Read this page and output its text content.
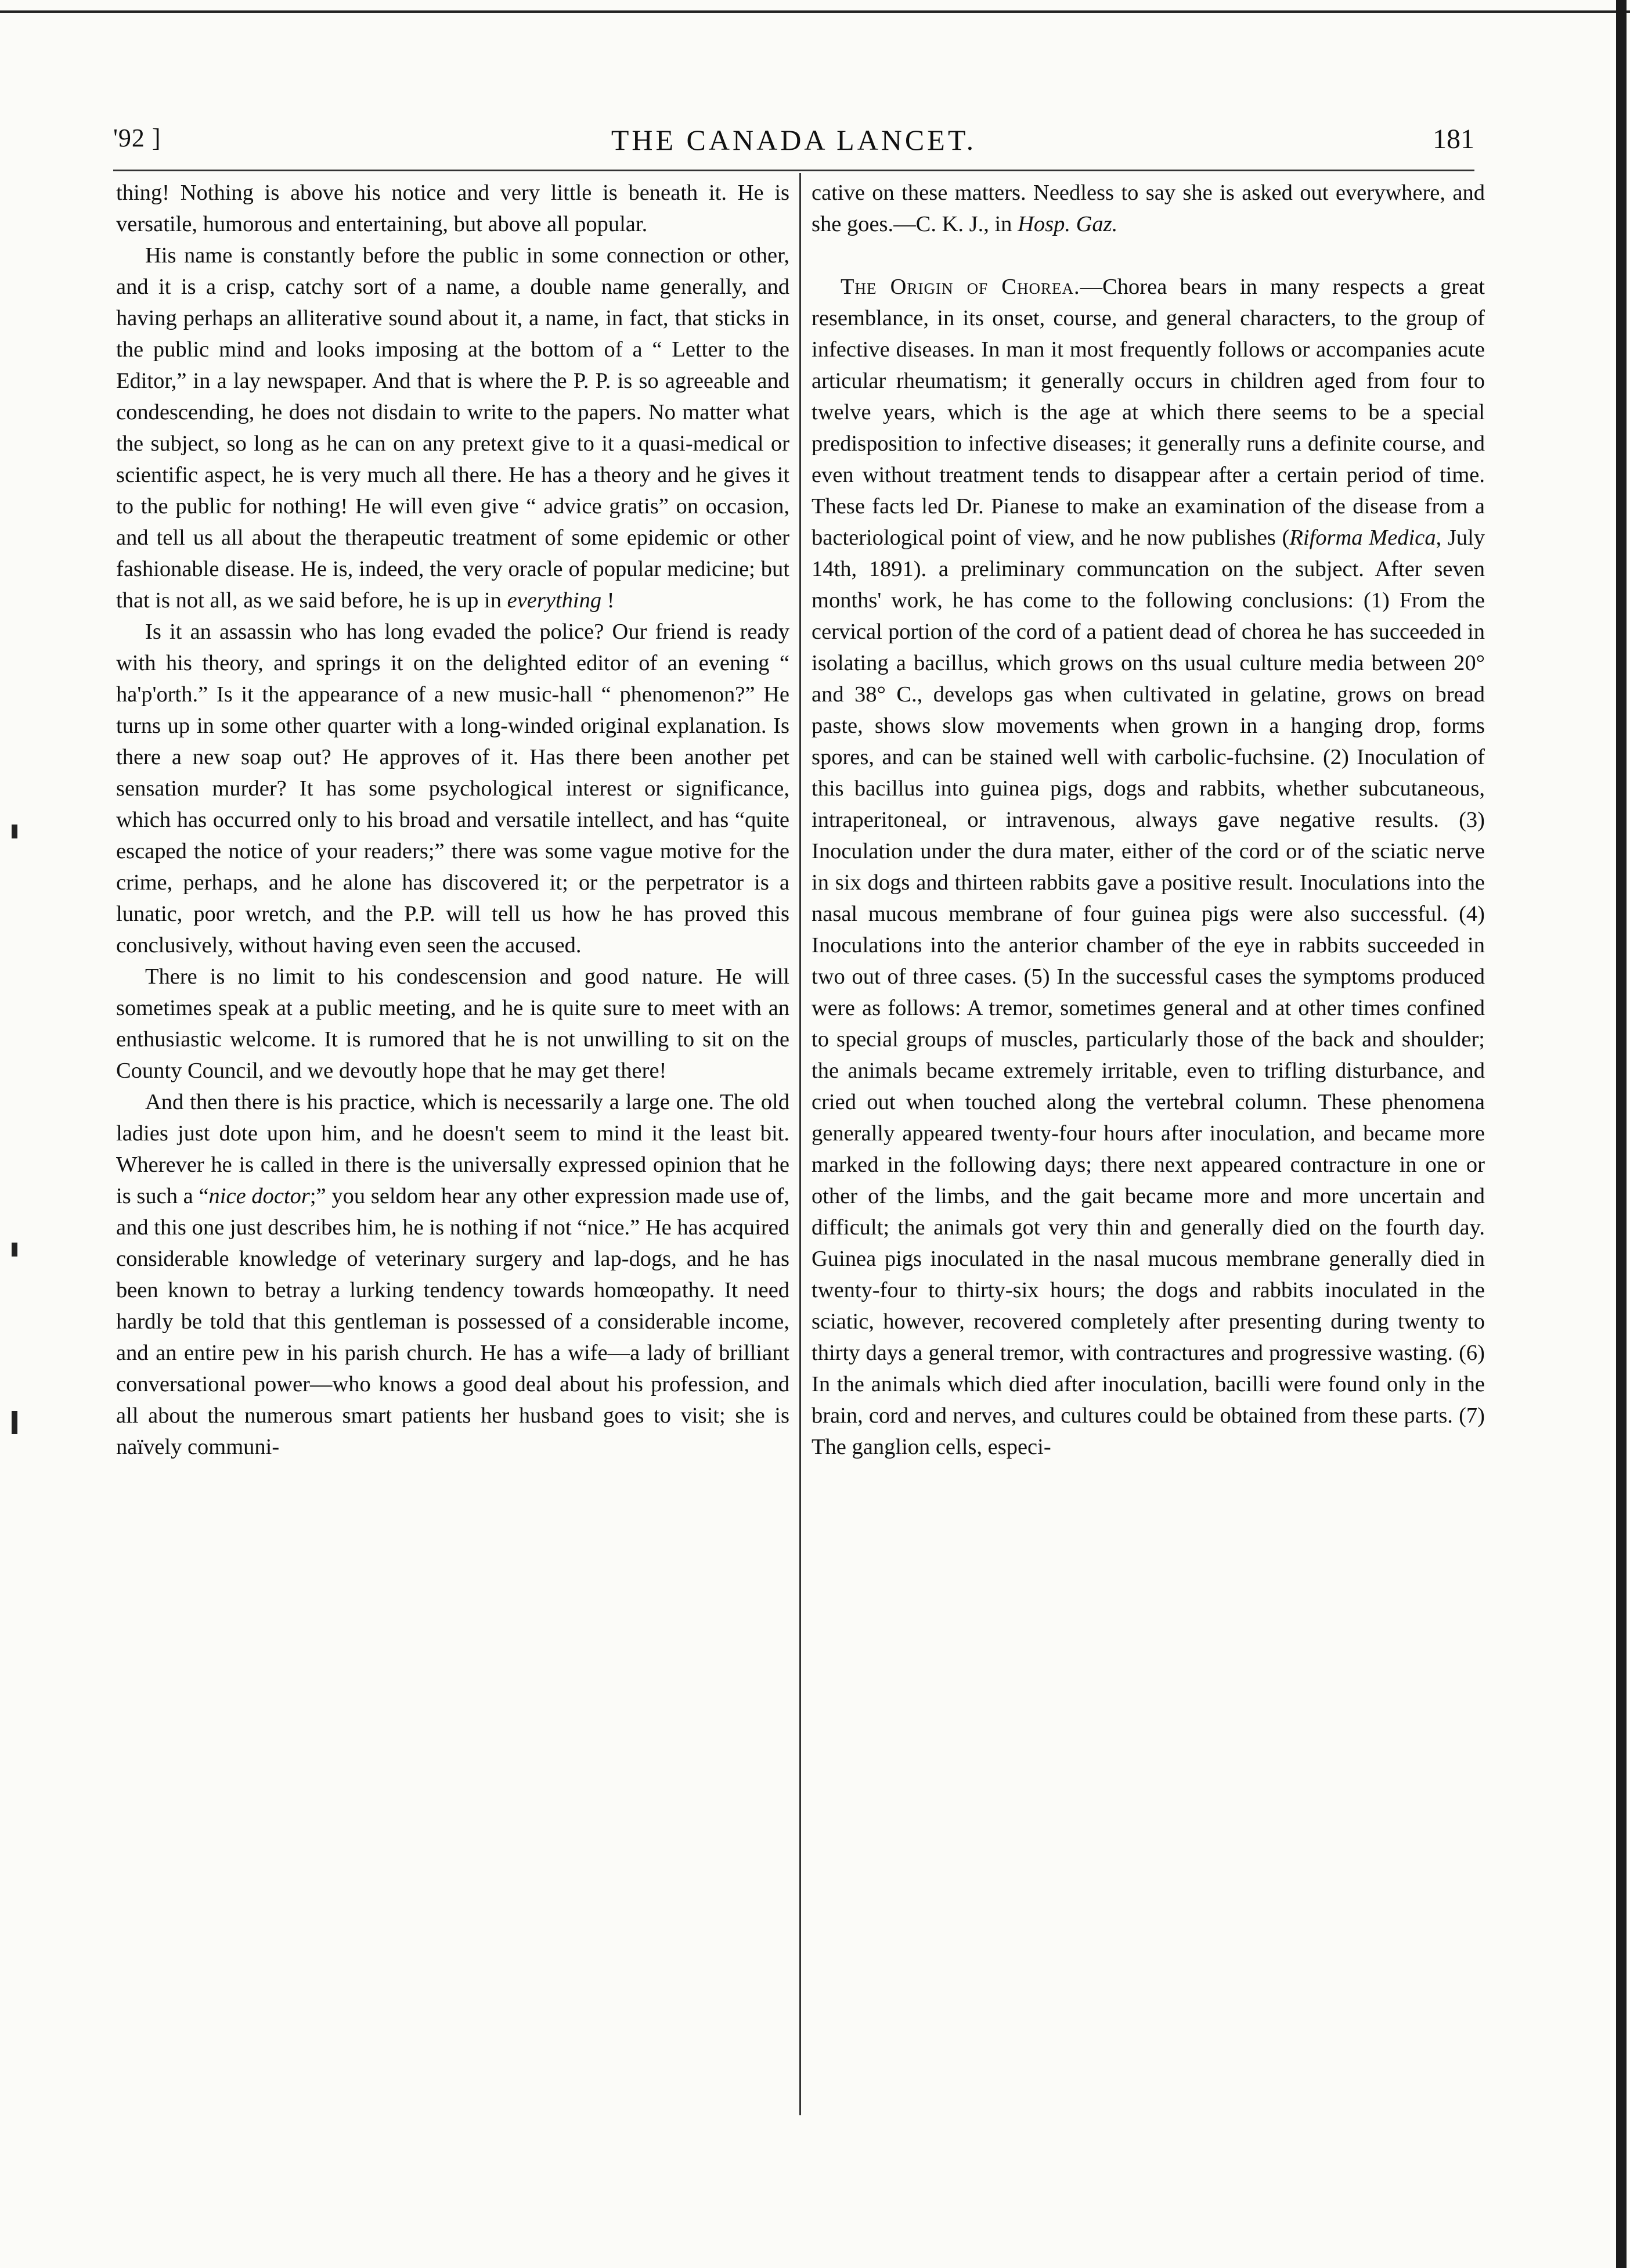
'92 ]	THE CANADA LANCET.	181

thing! Nothing is above his notice and very little is beneath it. He is versatile, humorous and entertaining, but above all popular.

His name is constantly before the public in some connection or other, and it is a crisp, catchy sort of a name, a double name generally, and having perhaps an alliterative sound about it, a name, in fact, that sticks in the public mind and looks imposing at the bottom of a “ Letter to the Editor,” in a lay newspaper. And that is where the P. P. is so agreeable and condescending, he does not disdain to write to the papers. No matter what the subject, so long as he can on any pretext give to it a quasi-medical or scientific aspect, he is very much all there. He has a theory and he gives it to the public for nothing! He will even give “ advice gratis” on occasion, and tell us all about the therapeutic treatment of some epidemic or other fashionable disease. He is, indeed, the very oracle of popular medicine; but that is not all, as we said before, he is up in everything !

Is it an assassin who has long evaded the police? Our friend is ready with his theory, and springs it on the delighted editor of an evening “ ha'p'orth.” Is it the appearance of a new music-hall “ phenomenon?” He turns up in some other quarter with a long-winded original explanation. Is there a new soap out? He approves of it. Has there been another pet sensation murder? It has some psychological interest or significance, which has occurred only to his broad and versatile intellect, and has “quite escaped the notice of your readers;” there was some vague motive for the crime, perhaps, and he alone has discovered it; or the perpetrator is a lunatic, poor wretch, and the P.P. will tell us how he has proved this conclusively, without having even seen the accused.

There is no limit to his condescension and good nature. He will sometimes speak at a public meeting, and he is quite sure to meet with an enthusiastic welcome. It is rumored that he is not unwilling to sit on the County Council, and we devoutly hope that he may get there!

And then there is his practice, which is necessarily a large one. The old ladies just dote upon him, and he doesn't seem to mind it the least bit. Wherever he is called in there is the universally expressed opinion that he is such a “nice doctor;” you seldom hear any other expression made use of, and this one just describes him, he is nothing if not “nice.” He has acquired considerable knowledge of veterinary surgery and lap-dogs, and he has been known to betray a lurking tendency towards homœopathy. It need hardly be told that this gentleman is possessed of a considerable income, and an entire pew in his parish church. He has a wife—a lady of brilliant conversational power—who knows a good deal about his profession, and all about the numerous smart patients her husband goes to visit; she is naïvely communi-

cative on these matters. Needless to say she is asked out everywhere, and she goes.—C. K. J., in Hosp. Gaz.

The Origin of Chorea.—Chorea bears in many respects a great resemblance, in its onset, course, and general characters, to the group of infective diseases. In man it most frequently follows or accompanies acute articular rheumatism; it generally occurs in children aged from four to twelve years, which is the age at which there seems to be a special predisposition to infective diseases; it generally runs a definite course, and even without treatment tends to disappear after a certain period of time. These facts led Dr. Pianese to make an examination of the disease from a bacteriological point of view, and he now publishes (Riforma Medica, July 14th, 1891). a preliminary communcation on the subject. After seven months' work, he has come to the following conclusions: (1) From the cervical portion of the cord of a patient dead of chorea he has succeeded in isolating a bacillus, which grows on ths usual culture media between 20° and 38° C., develops gas when cultivated in gelatine, grows on bread paste, shows slow movements when grown in a hanging drop, forms spores, and can be stained well with carbolic-fuchsine. (2) Inoculation of this bacillus into guinea pigs, dogs and rabbits, whether subcutaneous, intraperitoneal, or intravenous, always gave negative results. (3) Inoculation under the dura mater, either of the cord or of the sciatic nerve in six dogs and thirteen rabbits gave a positive result. Inoculations into the nasal mucous membrane of four guinea pigs were also successful. (4) Inoculations into the anterior chamber of the eye in rabbits succeeded in two out of three cases. (5) In the successful cases the symptoms produced were as follows: A tremor, sometimes general and at other times confined to special groups of muscles, particularly those of the back and shoulder; the animals became extremely irritable, even to trifling disturbance, and cried out when touched along the vertebral column. These phenomena generally appeared twenty-four hours after inoculation, and became more marked in the following days; there next appeared contracture in one or other of the limbs, and the gait became more and more uncertain and difficult; the animals got very thin and generally died on the fourth day. Guinea pigs inoculated in the nasal mucous membrane generally died in twenty-four to thirty-six hours; the dogs and rabbits inoculated in the sciatic, however, recovered completely after presenting during twenty to thirty days a general tremor, with contractures and progressive wasting. (6) In the animals which died after inoculation, bacilli were found only in the brain, cord and nerves, and cultures could be obtained from these parts. (7) The ganglion cells, especi-
